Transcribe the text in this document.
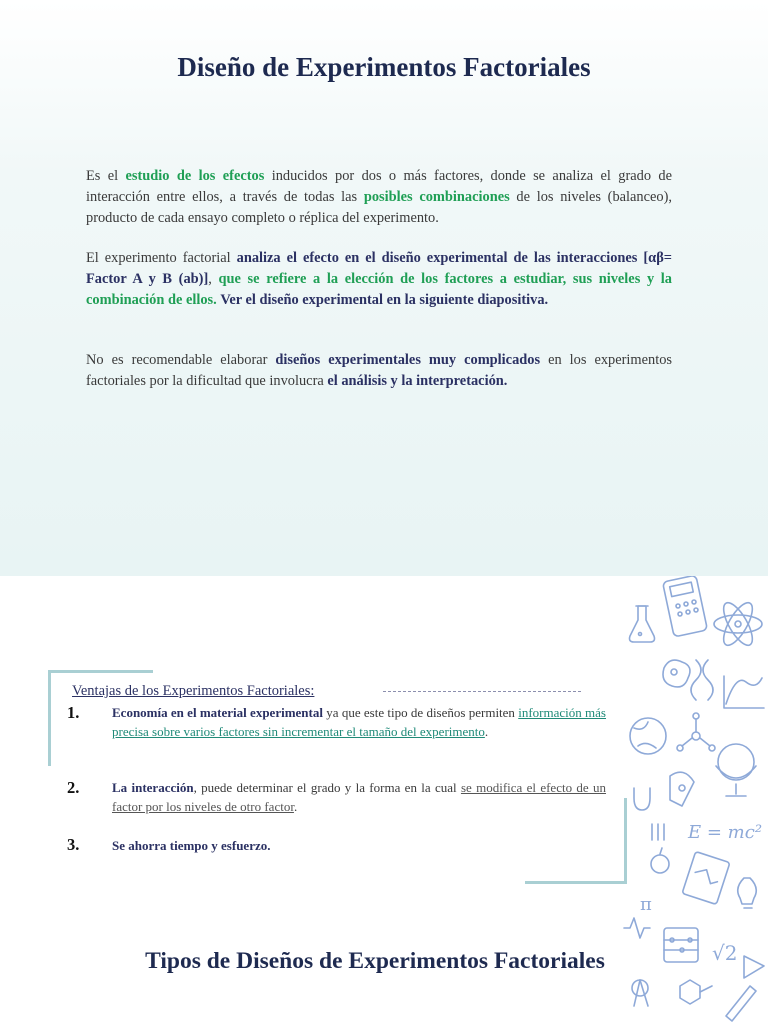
Diseño de Experimentos Factoriales

Es el estudio de los efectos inducidos por dos o más factores, donde se analiza el grado de interacción entre ellos, a través de todas las posibles combinaciones de los niveles (balanceo), producto de cada ensayo completo o réplica del experimento.

El experimento factorial analiza el efecto en el diseño experimental de las interacciones [αβ= Factor A y B (ab)], que se refiere a la elección de los factores a estudiar, sus niveles y la combinación de ellos. Ver el diseño experimental en la siguiente diapositiva.

No es recomendable elaborar diseños experimentales muy complicados en los experimentos factoriales por la dificultad que involucra el análisis y la interpretación.

Ventajas de los Experimentos Factoriales:

1.	Economía en el material experimental ya que este tipo de diseños permiten información más precisa sobre varios factores sin incrementar el tamaño del experimento.

2.	La interacción, puede determinar el grado y la forma en la cual se modifica el efecto de un factor por los niveles de otro factor.

3.	Se ahorra tiempo y esfuerzo.

Tipos de Diseños de Experimentos Factoriales
E = mc²
π
√2
